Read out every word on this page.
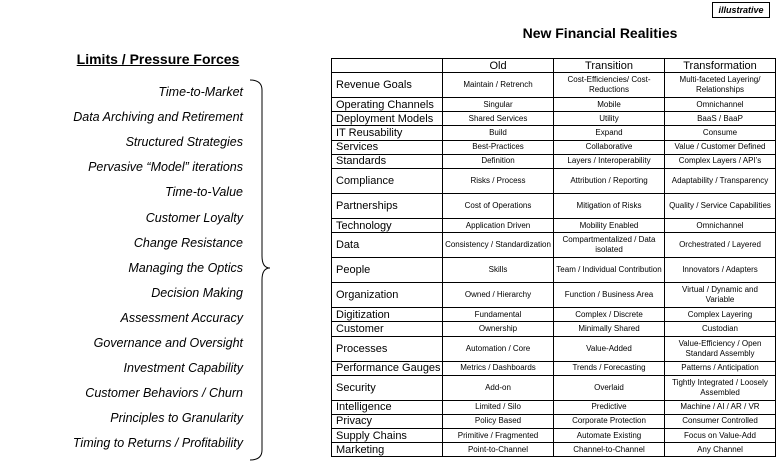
illustrative
New Financial Realities
Limits / Pressure Forces
Time-to-Market
Data Archiving and Retirement
Structured Strategies
Pervasive “Model” iterations
Time-to-Value
Customer Loyalty
Change Resistance
Managing the Optics
Decision Making
Assessment Accuracy
Governance and Oversight
Investment Capability
Customer Behaviors / Churn
Principles to Granularity
Timing to Returns / Profitability
	Old	Transition	Transformation
Revenue Goals	Maintain / Retrench	Cost-Efficiencies/ Cost-Reductions	Multi-faceted Layering/ Relationships
Operating Channels	Singular	Mobile	Omnichannel
Deployment Models	Shared Services	Utility	BaaS / BaaP
IT Reusability	Build	Expand	Consume
Services	Best-Practices	Collaborative	Value / Customer Defined
Standards	Definition	Layers / Interoperability	Complex Layers / API’s
Compliance	Risks / Process	Attribution / Reporting	Adaptability / Transparency
Partnerships	Cost of Operations	Mitigation of Risks	Quality / Service Capabilities
Technology	Application Driven	Mobility Enabled	Omnichannel
Data	Consistency / Standardization	Compartmentalized / Data isolated	Orchestrated / Layered
People	Skills	Team / Individual Contribution	Innovators / Adapters
Organization	Owned / Hierarchy	Function / Business Area	Virtual / Dynamic and Variable
Digitization	Fundamental	Complex / Discrete	Complex Layering
Customer	Ownership	Minimally Shared	Custodian
Processes	Automation / Core	Value-Added	Value-Efficiency / Open Standard Assembly
Performance Gauges	Metrics / Dashboards	Trends / Forecasting	Patterns / Anticipation
Security	Add-on	Overlaid	Tightly Integrated / Loosely Assembled
Intelligence	Limited / Silo	Predictive	Machine / AI / AR / VR
Privacy	Policy Based	Corporate Protection	Consumer Controlled
Supply Chains	Primitive / Fragmented	Automate Existing	Focus on Value-Add
Marketing	Point-to-Channel	Channel-to-Channel	Any Channel
